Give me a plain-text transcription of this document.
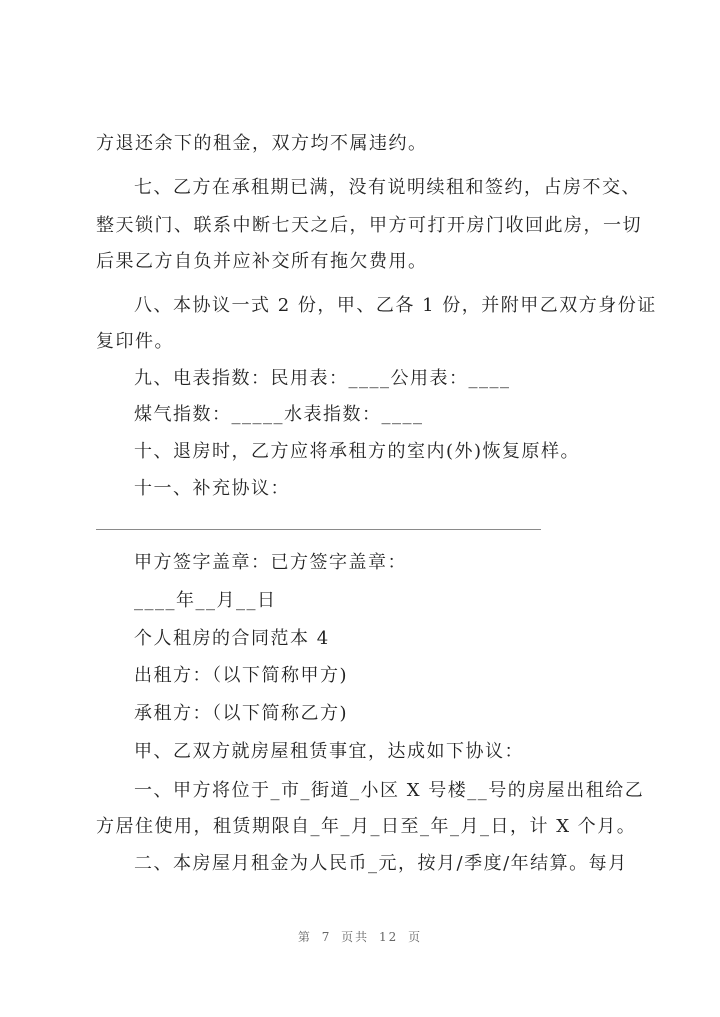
方退还余下的租金，双方均不属违约。
七、乙方在承租期已满，没有说明续租和签约，占房不交、
整天锁门、联系中断七天之后，甲方可打开房门收回此房，一切
后果乙方自负并应补交所有拖欠费用。
八、本协议一式 2 份，甲、乙各 1 份，并附甲乙双方身份证
复印件。
九、电表指数：民用表：____公用表：____
煤气指数：_____水表指数：____
十、退房时，乙方应将承租方的室内(外)恢复原样。
十一、补充协议：
甲方签字盖章：已方签字盖章：
____年__月__日
个人租房的合同范本 4
出租方：（以下简称甲方)
承租方：（以下简称乙方)
甲、乙双方就房屋租赁事宜，达成如下协议：
一、甲方将位于_市_街道_小区 X 号楼__号的房屋出租给乙
方居住使用，租赁期限自_年_月_日至_年_月_日，计 X 个月。
二、本房屋月租金为人民币_元，按月/季度/年结算。每月
第 7 页共 12 页
